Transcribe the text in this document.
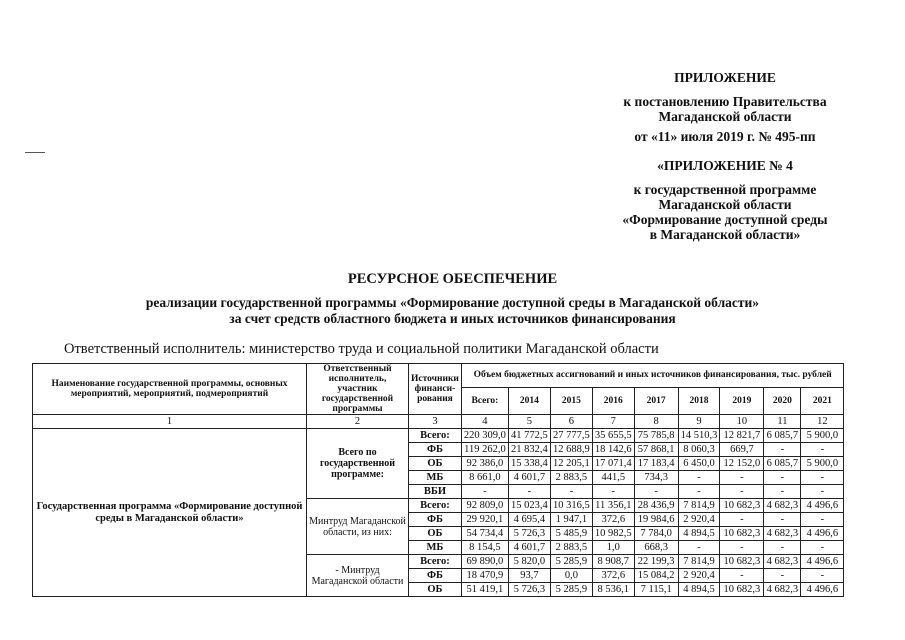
ПРИЛОЖЕНИЕ
к постановлению Правительства
Магаданской области
от «11» июля 2019 г. № 495-пп
«ПРИЛОЖЕНИЕ № 4
к государственной программе
Магаданской области
«Формирование доступной среды
в Магаданской области»
РЕСУРСНОЕ ОБЕСПЕЧЕНИЕ
реализации государственной программы «Формирование доступной среды в Магаданской области»
за счет средств областного бюджета и иных источников финансирования
Ответственный исполнитель: министерство труда и социальной политики Магаданской области
Наименование государственной программы, основных мероприятий, мероприятий, подмероприятий	Ответственный исполнитель, участник государственной программы	Источники финанси-рования	Объем бюджетных ассигнований и иных источников финансирования, тыс. рублей								
			Всего:	2014	2015	2016	2017	2018	2019	2020	2021
1	2	3	4	5	6	7	8	9	10	11	12
Государственная программа «Формирование доступной среды в Магаданской области»	Всего по государственной программе:	Всего:	220 309,0	41 772,5	27 777,5	35 655,5	75 785,8	14 510,3	12 821,7	6 085,7	5 900,0
		ФБ	119 262,0	21 832,4	12 688,9	18 142,6	57 868,1	8 060,3	669,7	-	-
		ОБ	92 386,0	15 338,4	12 205,1	17 071,4	17 183,4	6 450,0	12 152,0	6 085,7	5 900,0
		МБ	8 661,0	4 601,7	2 883,5	441,5	734,3	-	-	-	-
		ВБИ	-	-	-	-	-	-	-	-	-
	Минтруд Магаданской области, из них:	Всего:	92 809,0	15 023,4	10 316,5	11 356,1	28 436,9	7 814,9	10 682,3	4 682,3	4 496,6
		ФБ	29 920,1	4 695,4	1 947,1	372,6	19 984,6	2 920,4	-	-	-
		ОБ	54 734,4	5 726,3	5 485,9	10 982,5	7 784,0	4 894,5	10 682,3	4 682,3	4 496,6
		МБ	8 154,5	4 601,7	2 883,5	1,0	668,3	-	-	-	-
	- Минтруд Магаданской области	Всего:	69 890,0	5 820,0	5 285,9	8 908,7	22 199,3	7 814,9	10 682,3	4 682,3	4 496,6
		ФБ	18 470,9	93,7	0,0	372,6	15 084,2	2 920,4	-	-	-
		ОБ	51 419,1	5 726,3	5 285,9	8 536,1	7 115,1	4 894,5	10 682,3	4 682,3	4 496,6
